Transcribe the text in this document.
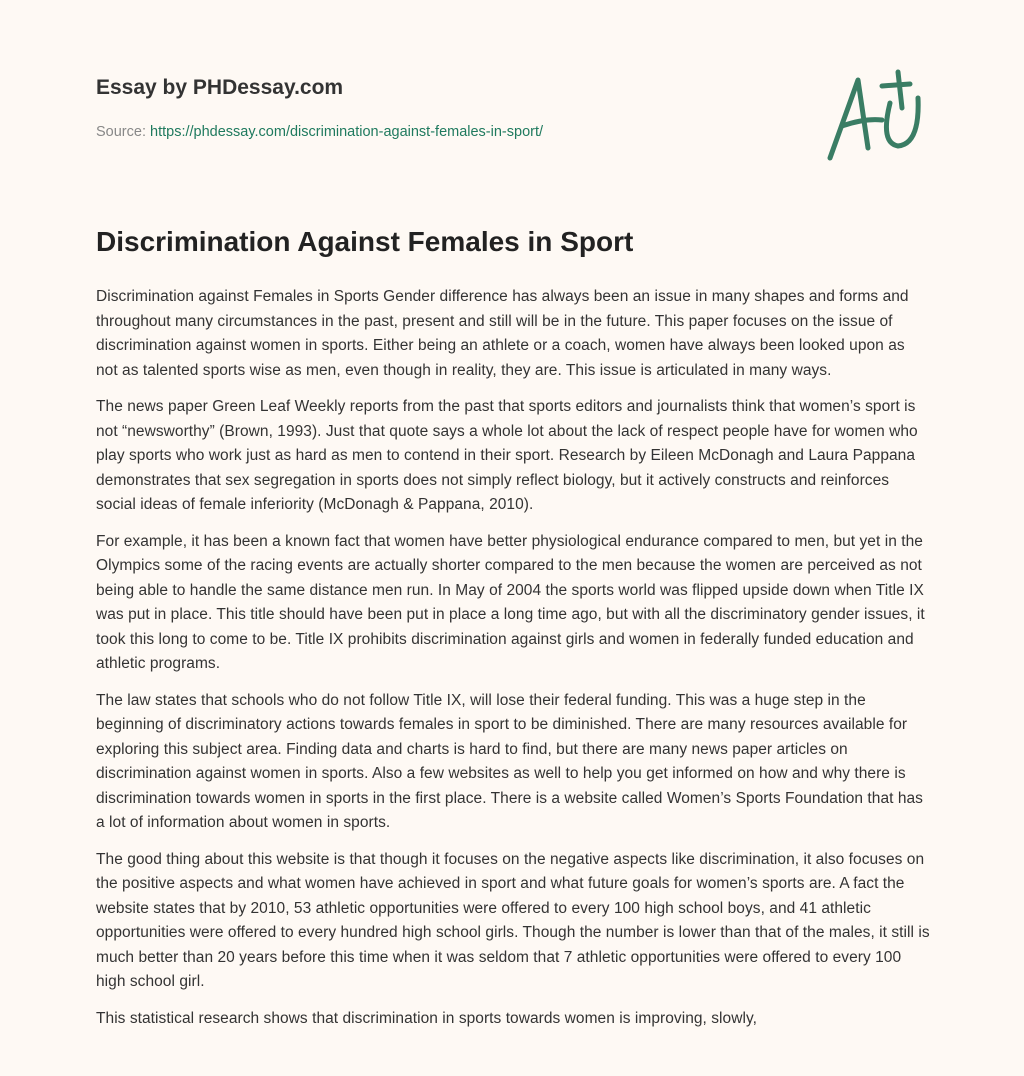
Essay by PHDessay.com
Source: https://phdessay.com/discrimination-against-females-in-sport/
Discrimination Against Females in Sport

Discrimination against Females in Sports Gender difference has always been an issue in many shapes and forms and throughout many circumstances in the past, present and still will be in the future. This paper focuses on the issue of discrimination against women in sports. Either being an athlete or a coach, women have always been looked upon as not as talented sports wise as men, even though in reality, they are. This issue is articulated in many ways.

The news paper Green Leaf Weekly reports from the past that sports editors and journalists think that women’s sport is not “newsworthy” (Brown, 1993). Just that quote says a whole lot about the lack of respect people have for women who play sports who work just as hard as men to contend in their sport. Research by Eileen McDonagh and Laura Pappana demonstrates that sex segregation in sports does not simply reflect biology, but it actively constructs and reinforces social ideas of female inferiority (McDonagh & Pappana, 2010).

For example, it has been a known fact that women have better physiological endurance compared to men, but yet in the Olympics some of the racing events are actually shorter compared to the men because the women are perceived as not being able to handle the same distance men run. In May of 2004 the sports world was flipped upside down when Title IX was put in place. This title should have been put in place a long time ago, but with all the discriminatory gender issues, it took this long to come to be. Title IX prohibits discrimination against girls and women in federally funded education and athletic programs.

The law states that schools who do not follow Title IX, will lose their federal funding. This was a huge step in the beginning of discriminatory actions towards females in sport to be diminished. There are many resources available for exploring this subject area. Finding data and charts is hard to find, but there are many news paper articles on discrimination against women in sports. Also a few websites as well to help you get informed on how and why there is discrimination towards women in sports in the first place. There is a website called Women’s Sports Foundation that has a lot of information about women in sports.

The good thing about this website is that though it focuses on the negative aspects like discrimination, it also focuses on the positive aspects and what women have achieved in sport and what future goals for women’s sports are. A fact the website states that by 2010, 53 athletic opportunities were offered to every 100 high school boys, and 41 athletic opportunities were offered to every hundred high school girls. Though the number is lower than that of the males, it still is much better than 20 years before this time when it was seldom that 7 athletic opportunities were offered to every 100 high school girl.

This statistical research shows that discrimination in sports towards women is improving, slowly,
